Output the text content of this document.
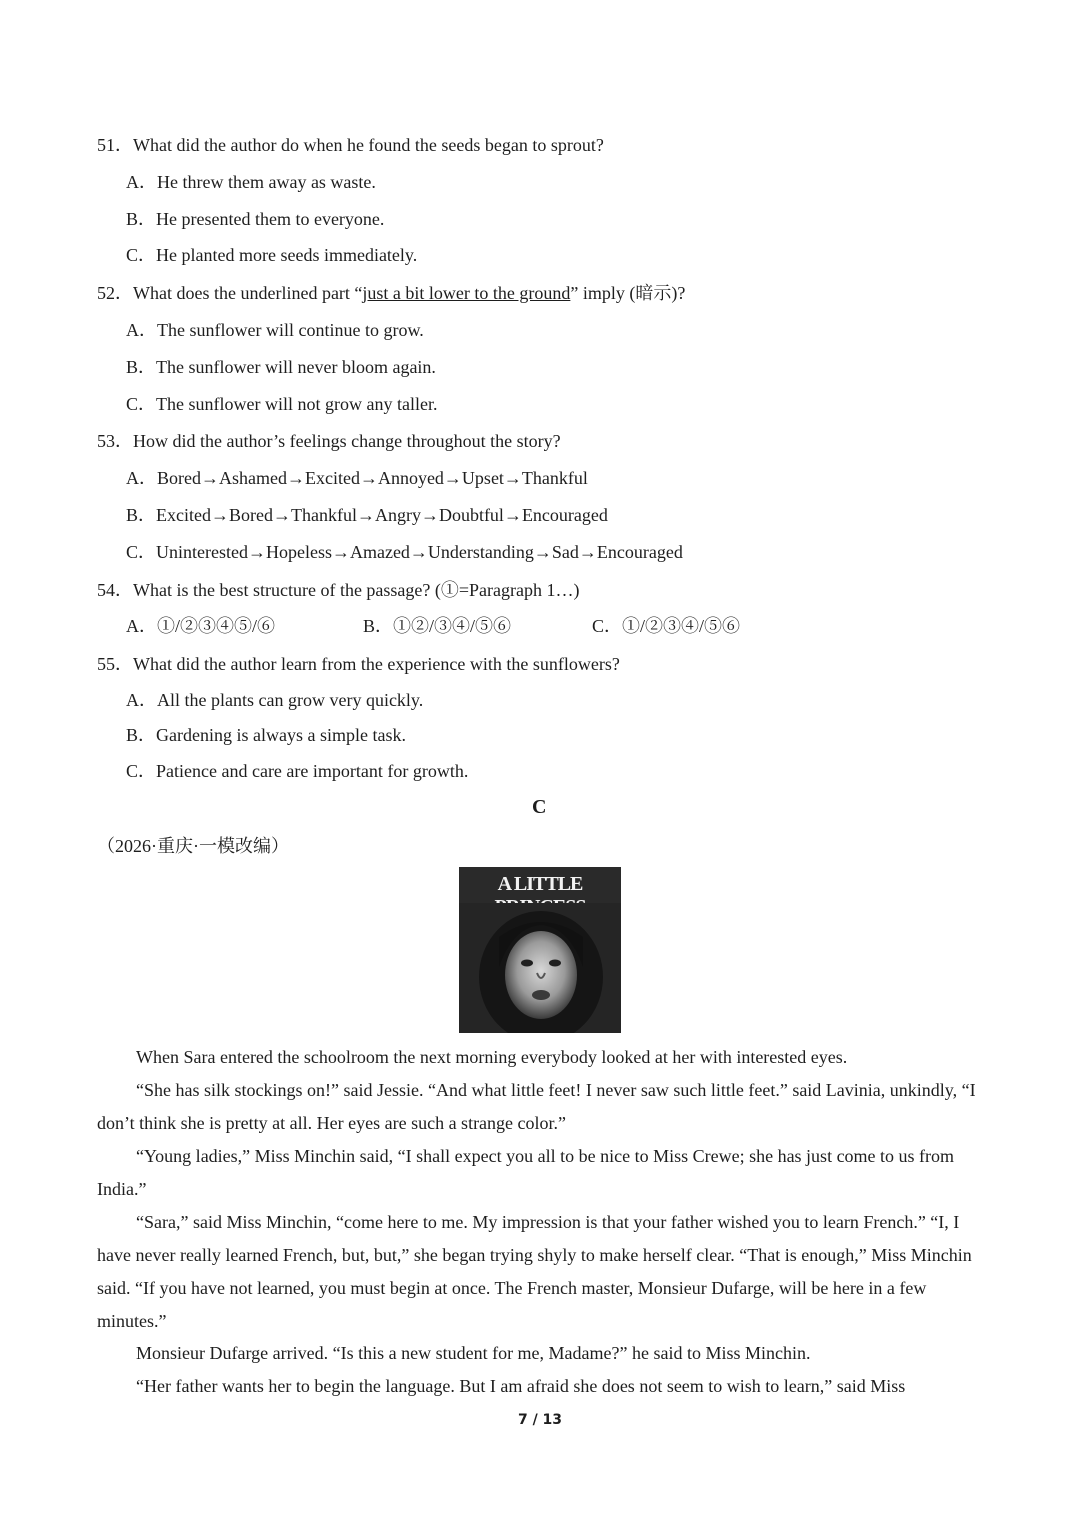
51．What did the author do when he found the seeds began to sprout?
A．He threw them away as waste.
B．He presented them to everyone.
C．He planted more seeds immediately.
52．What does the underlined part “just a bit lower to the ground” imply (暗示)?
A．The sunflower will continue to grow.
B．The sunflower will never bloom again.
C．The sunflower will not grow any taller.
53．How did the author’s feelings change throughout the story?
A．Bored→Ashamed→Excited→Annoyed→Upset→Thankful
B．Excited→Bored→Thankful→Angry→Doubtful→Encouraged
C．Uninterested→Hopeless→Amazed→Understanding→Sad→Encouraged
54．What is the best structure of the passage? (①=Paragraph 1…)
A．①/②③④⑤/⑥	B．①②/③④/⑤⑥	C．①/②③④/⑤⑥
55．What did the author learn from the experience with the sunflowers?
A．All the plants can grow very quickly.
B．Gardening is always a simple task.
C．Patience and care are important for growth.
C
（2026·重庆·一模改编）
A LITTLE
When Sara entered the schoolroom the next morning everybody looked at her with interested eyes.
“She has silk stockings on!” said Jessie. “And what little feet! I never saw such little feet.” said Lavinia, unkindly, “I don’t think she is pretty at all. Her eyes are such a strange color.”
“Young ladies,” Miss Minchin said, “I shall expect you all to be nice to Miss Crewe; she has just come to us from India.”
“Sara,” said Miss Minchin, “come here to me. My impression is that your father wished you to learn French.” “I, I have never really learned French, but, but,” she began trying shyly to make herself clear. “That is enough,” Miss Minchin said. “If you have not learned, you must begin at once. The French master, Monsieur Dufarge, will be here in a few minutes.”
Monsieur Dufarge arrived. “Is this a new student for me, Madame?” he said to Miss Minchin.
“Her father wants her to begin the language. But I am afraid she does not seem to wish to learn,” said Miss
7 / 13
